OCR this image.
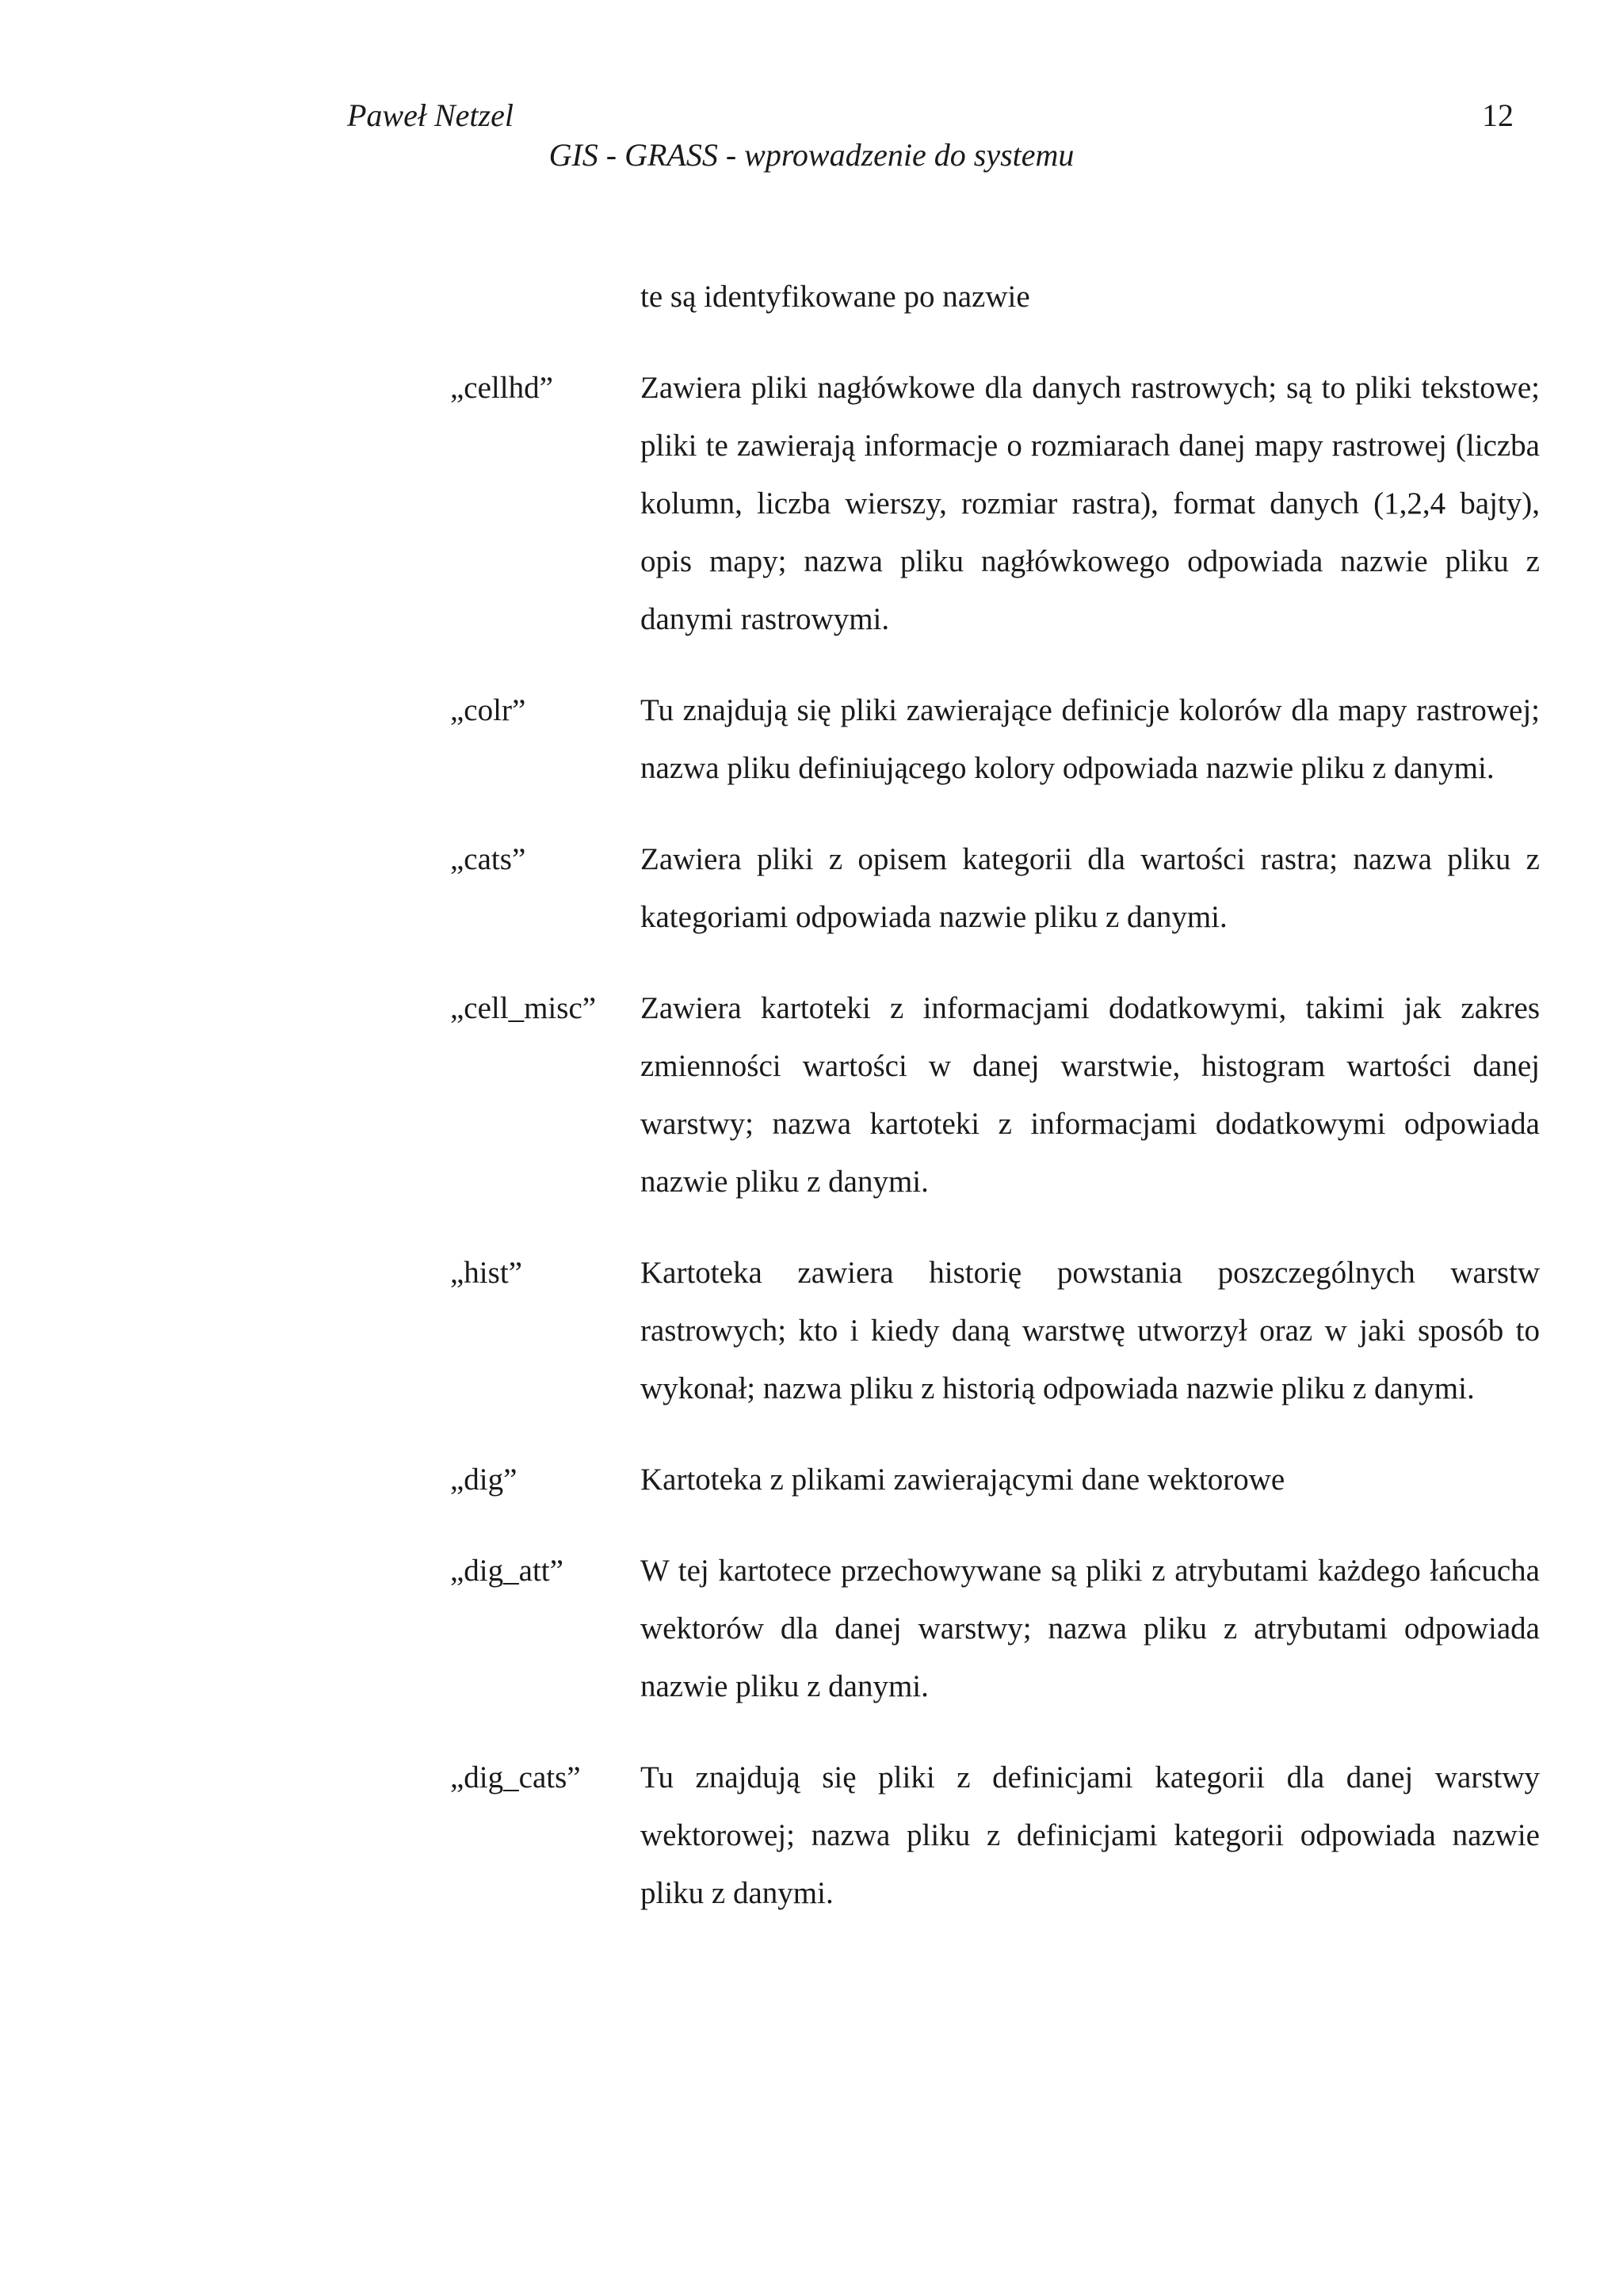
Paweł Netzel	12
GIS - GRASS - wprowadzenie do systemu
te są identyfikowane po nazwie
„cellhd”	Zawiera pliki nagłówkowe dla danych rastrowych; są to pliki tekstowe; pliki te zawierają informacje o rozmiarach danej mapy rastrowej (liczba kolumn, liczba wierszy, rozmiar rastra), format danych (1,2,4 bajty), opis mapy; nazwa pliku nagłówkowego odpowiada nazwie pliku z danymi rastrowymi.
„colr”	Tu znajdują się pliki zawierające definicje kolorów dla mapy rastrowej; nazwa pliku definiującego kolory odpowiada nazwie pliku z danymi.
„cats”	Zawiera pliki z opisem kategorii dla wartości rastra; nazwa pliku z kategoriami odpowiada nazwie pliku z danymi.
„cell_misc”	Zawiera kartoteki z informacjami dodatkowymi, takimi jak zakres zmienności wartości w danej warstwie, histogram wartości danej warstwy; nazwa kartoteki z informacjami dodatkowymi odpowiada nazwie pliku z danymi.
„hist”	Kartoteka zawiera historię powstania poszczególnych warstw rastrowych; kto i kiedy daną warstwę utworzył oraz w jaki sposób to wykonał; nazwa pliku z historią odpowiada nazwie pliku z danymi.
„dig”	Kartoteka z plikami zawierającymi dane wektorowe
„dig_att”	W tej kartotece przechowywane są pliki z atrybutami każdego łańcucha wektorów dla danej warstwy; nazwa pliku z atrybutami odpowiada nazwie pliku z danymi.
„dig_cats”	Tu znajdują się pliki z definicjami kategorii dla danej warstwy wektorowej; nazwa pliku z definicjami kategorii odpowiada nazwie pliku z danymi.
